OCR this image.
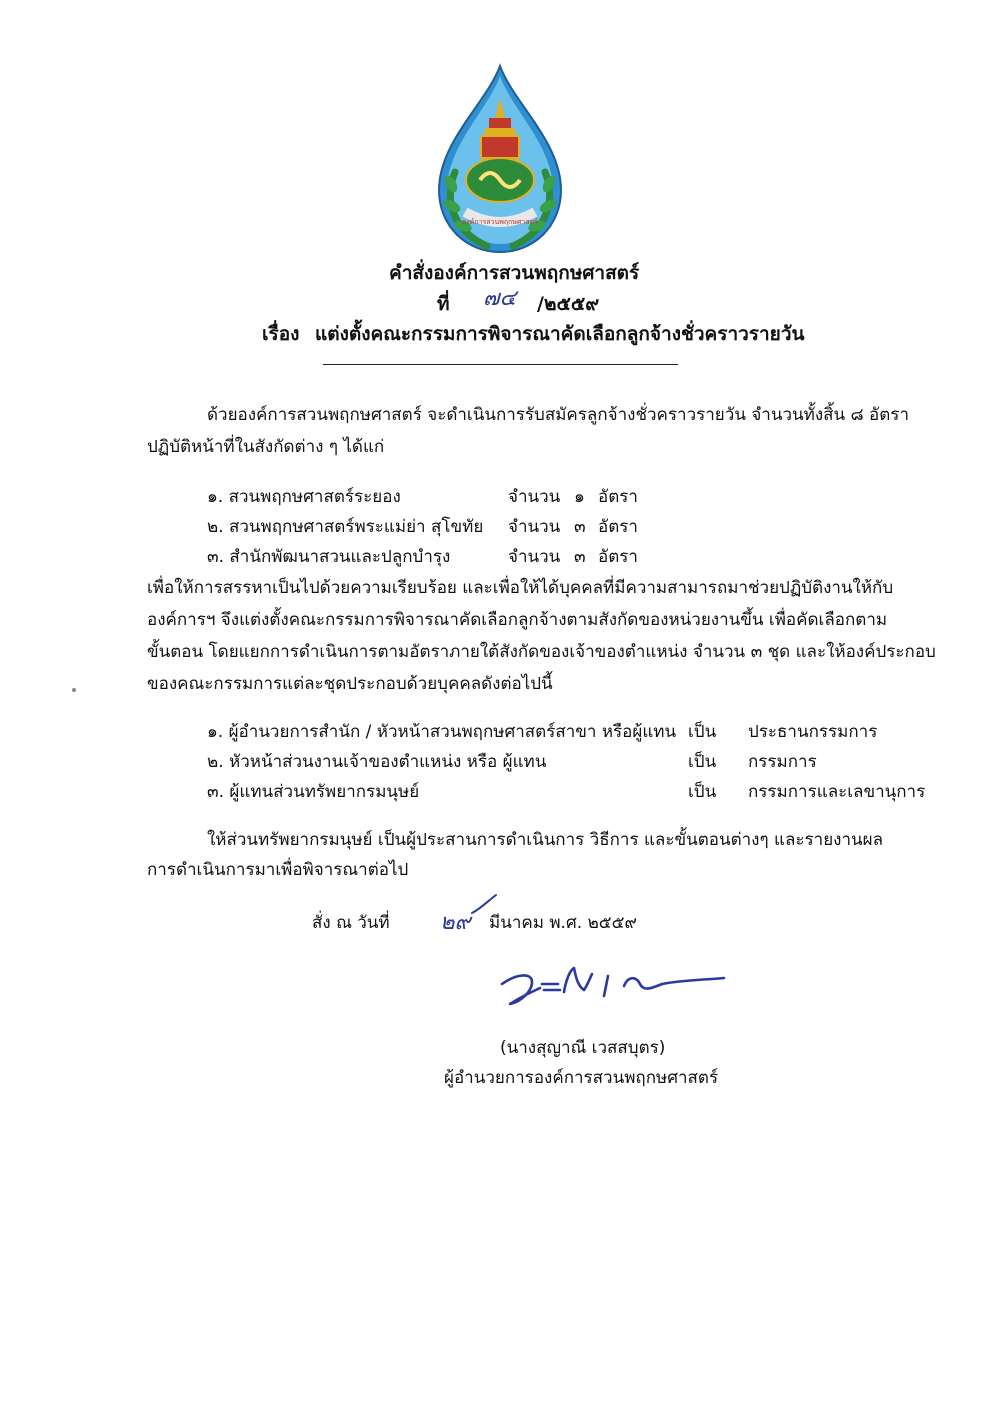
องค์การสวนพฤกษศาสตร์
คำสั่งองค์การสวนพฤกษศาสตร์
ที่ ๗๔ /๒๕๕๙
เรื่อง แต่งตั้งคณะกรรมการพิจารณาคัดเลือกลูกจ้างชั่วคราวรายวัน
ด้วยองค์การสวนพฤกษศาสตร์ จะดำเนินการรับสมัครลูกจ้างชั่วคราวรายวัน จำนวนทั้งสิ้น ๘ อัตรา
ปฏิบัติหน้าที่ในสังกัดต่าง ๆ ได้แก่
๑. สวนพฤกษศาสตร์ระยอง	จำนวน ๑ อัตรา
๒. สวนพฤกษศาสตร์พระแม่ย่า สุโขทัย จำนวน ๓ อัตรา
๓. สำนักพัฒนาสวนและปลูกบำรุง	จำนวน ๓ อัตรา
เพื่อให้การสรรหาเป็นไปด้วยความเรียบร้อย และเพื่อให้ได้บุคคลที่มีความสามารถมาช่วยปฏิบัติงานให้กับ
องค์การฯ จึงแต่งตั้งคณะกรรมการพิจารณาคัดเลือกลูกจ้างตามสังกัดของหน่วยงานขึ้น เพื่อคัดเลือกตาม
ขั้นตอน โดยแยกการดำเนินการตามอัตราภายใต้สังกัดของเจ้าของตำแหน่ง จำนวน ๓ ชุด และให้องค์ประกอบ
ของคณะกรรมการแต่ละชุดประกอบด้วยบุคคลดังต่อไปนี้
๑. ผู้อำนวยการสำนัก / หัวหน้าสวนพฤกษศาสตร์สาขา หรือผู้แทน เป็น ประธานกรรมการ
๒. หัวหน้าส่วนงานเจ้าของตำแหน่ง หรือ ผู้แทน	เป็น กรรมการ
๓. ผู้แทนส่วนทรัพยากรมนุษย์	เป็น กรรมการและเลขานุการ
ให้ส่วนทรัพยากรมนุษย์ เป็นผู้ประสานการดำเนินการ วิธีการ และขั้นตอนต่างๆ และรายงานผล
การดำเนินการมาเพื่อพิจารณาต่อไป
สั่ง ณ วันที่ ๒๙ มีนาคม พ.ศ. ๒๕๕๙
(นางสุญาณี เวสสบุตร)
ผู้อำนวยการองค์การสวนพฤกษศาสตร์
